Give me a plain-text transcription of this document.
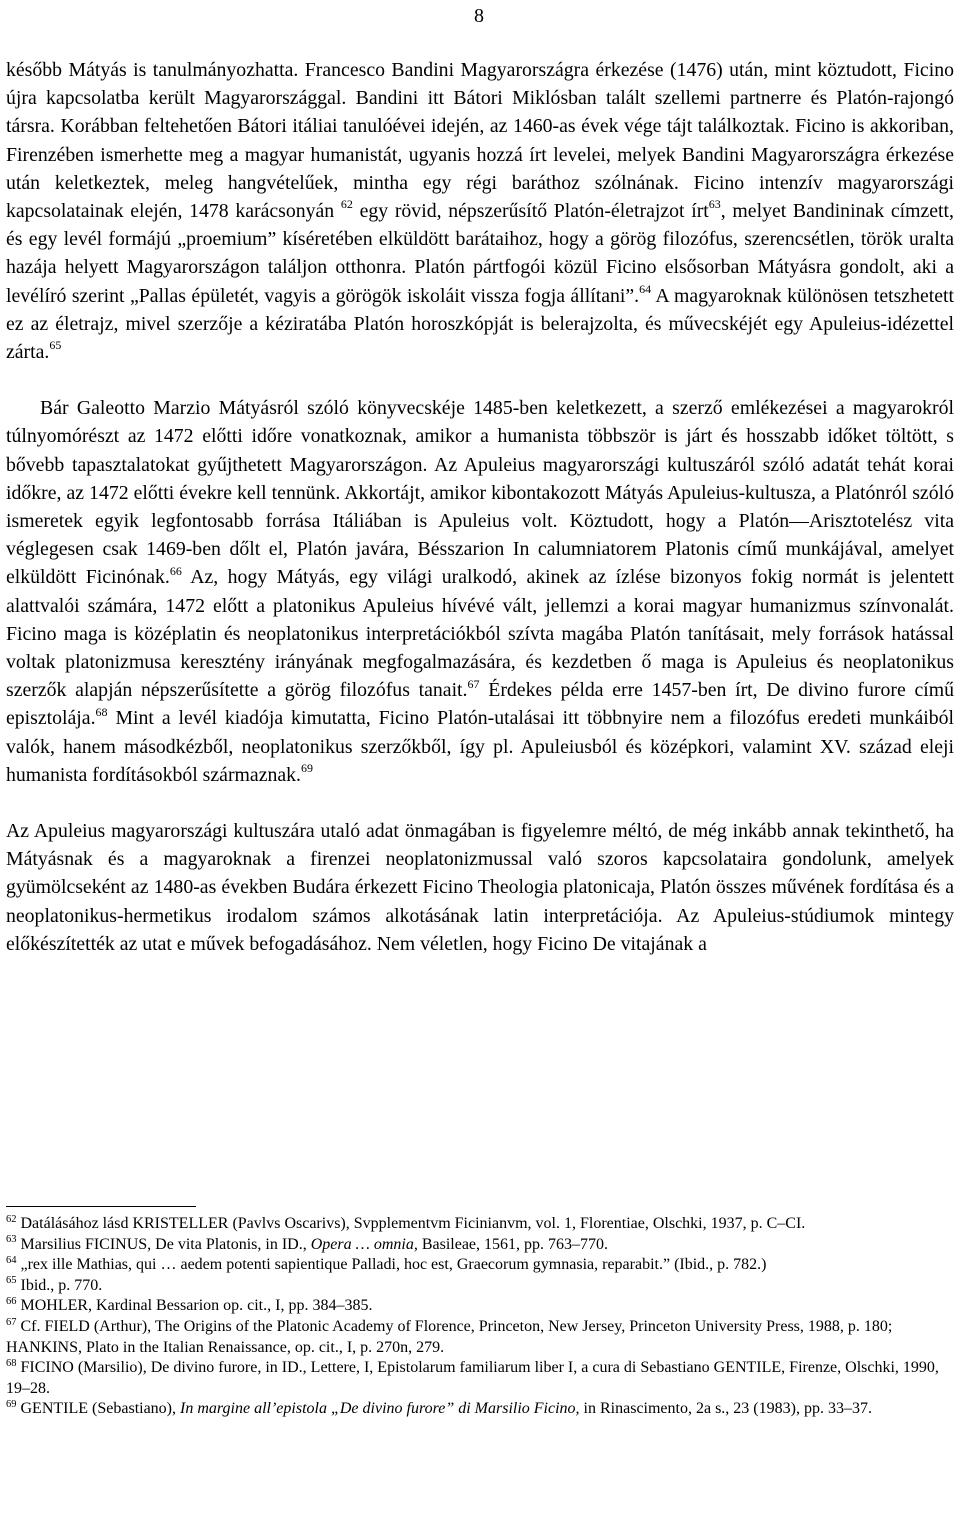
8

később Mátyás is tanulmányozhatta. Francesco Bandini Magyarországra érkezése (1476) után, mint köztudott, Ficino újra kapcsolatba került Magyarországgal. Bandini itt Bátori Miklósban talált szellemi partnerre és Platón-rajongó társra. Korábban feltehetően Bátori itáliai tanulóévei idején, az 1460-as évek vége tájt találkoztak. Ficino is akkoriban, Firenzében ismerhette meg a magyar humanistát, ugyanis hozzá írt levelei, melyek Bandini Magyarországra érkezése után keletkeztek, meleg hangvételűek, mintha egy régi baráthoz szólnának. Ficino intenzív magyarországi kapcsolatainak elején, 1478 karácsonyán $^{62}$ egy rövid, népszerűsítő Platón-életrajzot írt$^{63}$, melyet Bandininak címzett, és egy levél formájú „proemium” kíséretében elküldött barátaihoz, hogy a görög filozófus, szerencsétlen, török uralta hazája helyett Magyarországon találjon otthonra. Platón pártfogói közül Ficino elsősorban Mátyásra gondolt, aki a levélíró szerint „Pallas épületét, vagyis a görögök iskoláit vissza fogja állítani”.$^{64}$ A magyaroknak különösen tetszhetett ez az életrajz, mivel szerzője a kéziratába Platón horoszkópját is belerajzolta, és művecskéjét egy Apuleius-idézettel zárta.$^{65}$

Bár Galeotto Marzio Mátyásról szóló könyvecskéje 1485-ben keletkezett, a szerző emlékezései a magyarokról túlnyomórészt az 1472 előtti időre vonatkoznak, amikor a humanista többször is járt és hosszabb időket töltött, s bővebb tapasztalatokat gyűjthetett Magyarországon. Az Apuleius magyarországi kultuszáról szóló adatát tehát korai időkre, az 1472 előtti évekre kell tennünk. Akkortájt, amikor kibontakozott Mátyás Apuleius-kultusza, a Platónról szóló ismeretek egyik legfontosabb forrása Itáliában is Apuleius volt. Köztudott, hogy a Platón—Arisztotelész vita véglegesen csak 1469-ben dőlt el, Platón javára, Bésszarion In calumniatorem Platonis című munkájával, amelyet elküldött Ficinónak.$^{66}$ Az, hogy Mátyás, egy világi uralkodó, akinek az ízlése bizonyos fokig normát is jelentett alattvalói számára, 1472 előtt a platonikus Apuleius hívévé vált, jellemzi a korai magyar humanizmus színvonalát. Ficino maga is középlatin és neoplatonikus interpretációkból szívta magába Platón tanításait, mely források hatással voltak platonizmusa keresztény irányának megfogalmazására, és kezdetben ő maga is Apuleius és neoplatonikus szerzők alapján népszerűsítette a görög filozófus tanait.$^{67}$ Érdekes példa erre 1457-ben írt, De divino furore című episztolája.$^{68}$ Mint a levél kiadója kimutatta, Ficino Platón-utalásai itt többnyire nem a filozófus eredeti munkáiból valók, hanem másodkézből, neoplatonikus szerzőkből, így pl. Apuleiusból és középkori, valamint XV. század eleji humanista fordításokból származnak.$^{69}$

Az Apuleius magyarországi kultuszára utaló adat önmagában is figyelemre méltó, de még inkább annak tekinthető, ha Mátyásnak és a magyaroknak a firenzei neoplatonizmussal való szoros kapcsolataira gondolunk, amelyek gyümölcseként az 1480-as években Budára érkezett Ficino Theologia platonicaja, Platón összes művének fordítása és a neoplatonikus-hermetikus irodalom számos alkotásának latin interpretációja. Az Apuleius-stúdiumok mintegy előkészítették az utat e művek befogadásához. Nem véletlen, hogy Ficino De vitajának a

$^{62}$ Datálásához lásd KRISTELLER (Pavlvs Oscarivs), Svpplementvm Ficinianvm, vol. 1, Florentiae, Olschki, 1937, p. C–CI.

$^{63}$ Marsilius FICINUS, De vita Platonis, in ID., Opera … omnia, Basileae, 1561, pp. 763–770.

$^{64}$ „rex ille Mathias, qui … aedem potenti sapientique Palladi, hoc est, Graecorum gymnasia, reparabit.” (Ibid., p. 782.)

$^{65}$ Ibid., p. 770.

$^{66}$ MOHLER, Kardinal Bessarion op. cit., I, pp. 384–385.

$^{67}$ Cf. FIELD (Arthur), The Origins of the Platonic Academy of Florence, Princeton, New Jersey, Princeton University Press, 1988, p. 180; HANKINS, Plato in the Italian Renaissance, op. cit., I, p. 270n, 279.

$^{68}$ FICINO (Marsilio), De divino furore, in ID., Lettere, I, Epistolarum familiarum liber I, a cura di Sebastiano GENTILE, Firenze, Olschki, 1990, 19–28.

$^{69}$ GENTILE (Sebastiano), In margine all’epistola „De divino furore” di Marsilio Ficino, in Rinascimento, 2a s., 23 (1983), pp. 33–37.
